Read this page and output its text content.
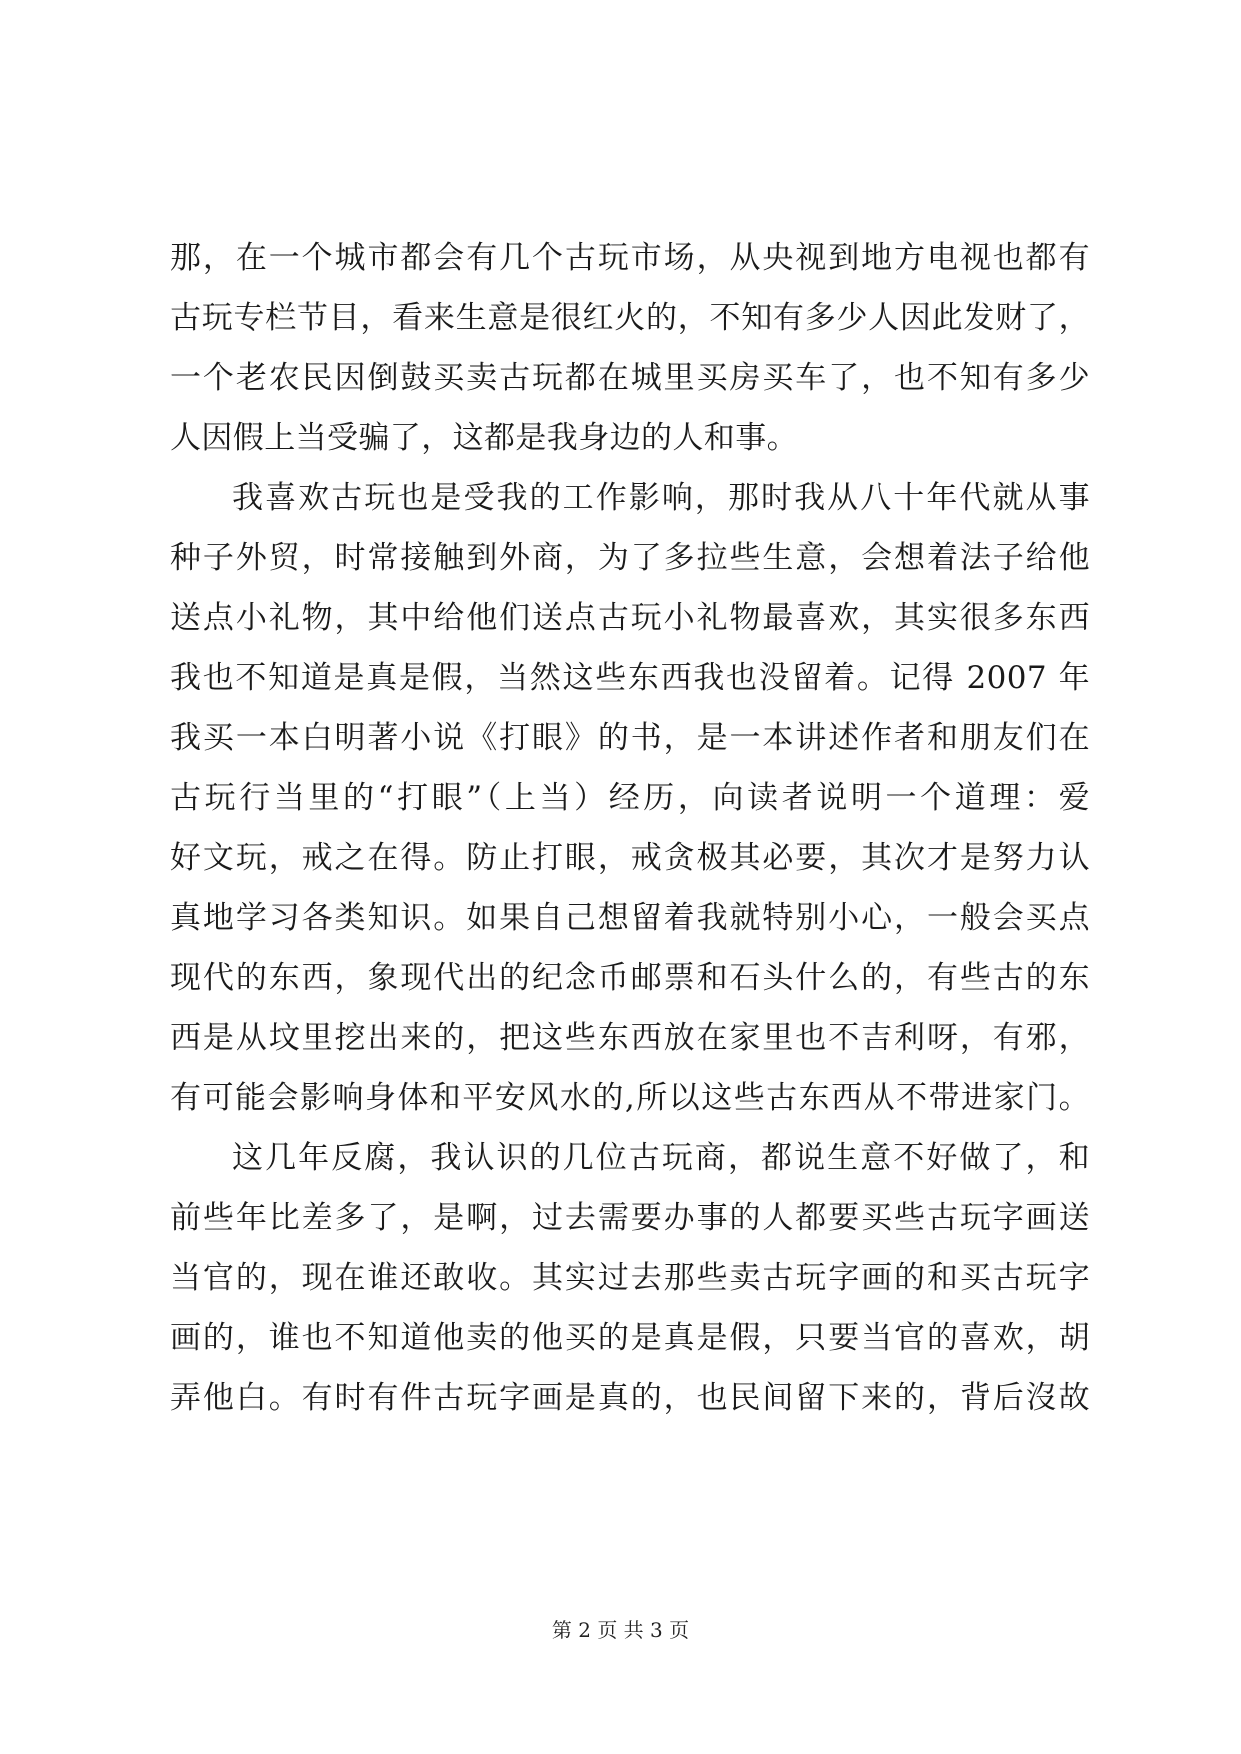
那，在一个城市都会有几个古玩市场，从央视到地方电视也都有
古玩专栏节目，看来生意是很红火的，不知有多少人因此发财了，
一个老农民因倒鼓买卖古玩都在城里买房买车了，也不知有多少
人因假上当受骗了，这都是我身边的人和事。
我喜欢古玩也是受我的工作影响，那时我从八十年代就从事
种子外贸，时常接触到外商，为了多拉些生意，会想着法子给他
送点小礼物，其中给他们送点古玩小礼物最喜欢，其实很多东西
我也不知道是真是假，当然这些东西我也没留着。记得 2007 年
我买一本白明著小说《打眼》的书，是一本讲述作者和朋友们在
古玩行当里的“打眼”（上当）经历，向读者说明一个道理：爱
好文玩，戒之在得。防止打眼，戒贪极其必要，其次才是努力认
真地学习各类知识。如果自己想留着我就特别小心，一般会买点
现代的东西，象现代出的纪念币邮票和石头什么的，有些古的东
西是从坟里挖出来的，把这些东西放在家里也不吉利呀，有邪，
有可能会影响身体和平安风水的,所以这些古东西从不带进家门。
这几年反腐，我认识的几位古玩商，都说生意不好做了，和
前些年比差多了，是啊，过去需要办事的人都要买些古玩字画送
当官的，现在谁还敢收。其实过去那些卖古玩字画的和买古玩字
画的，谁也不知道他卖的他买的是真是假，只要当官的喜欢，胡
弄他白。有时有件古玩字画是真的，也民间留下来的，背后沒故
第 2 页 共 3 页
